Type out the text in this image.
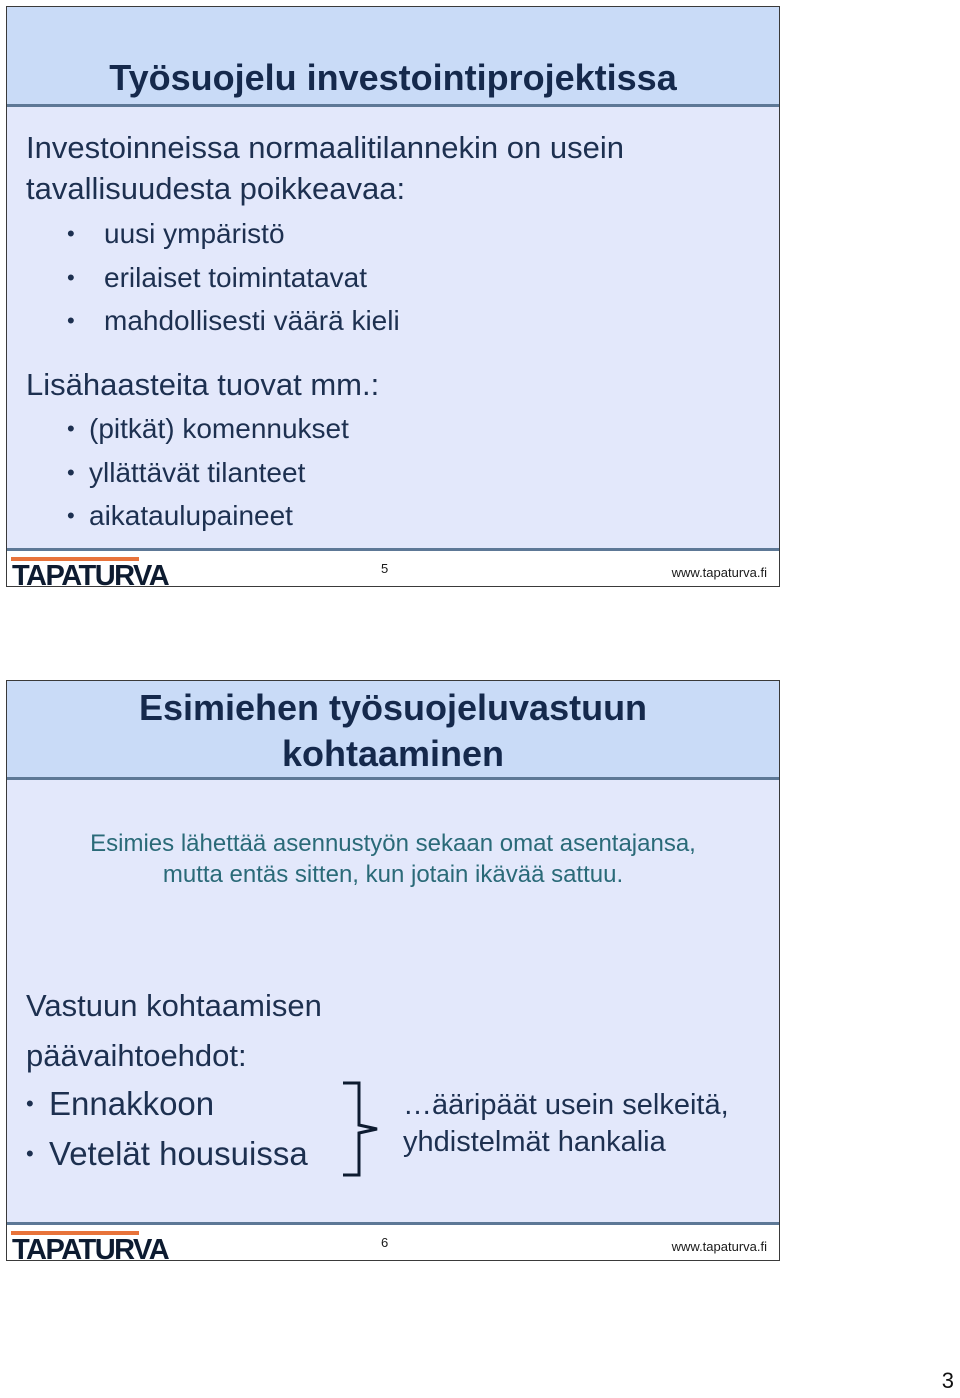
Työsuojelu investointiprojektissa

Investoinneissa normaalitilannekin on usein

tavallisuudesta poikkeavaa:

• uusi ympäristö
• erilaiset toimintatavat
• mahdollisesti väärä kieli

Lisähaasteita tuovat mm.:

• (pitkät) komennukset
• yllättävät tilanteet
• aikataulupaineet
TAPATURVA	5	www.tapaturva.fi
Esimiehen työsuojeluvastuun
kohtaaminen
Esimies lähettää asennustyön sekaan omat asentajansa,
mutta entäs sitten, kun jotain ikävää sattuu.

Vastuun kohtaamisen

päävaihtoehdot:

• Ennakkoon
• Vetelät housuissa
…ääripäät usein selkeitä,
yhdistelmät hankalia
TAPATURVA	6	www.tapaturva.fi
3
